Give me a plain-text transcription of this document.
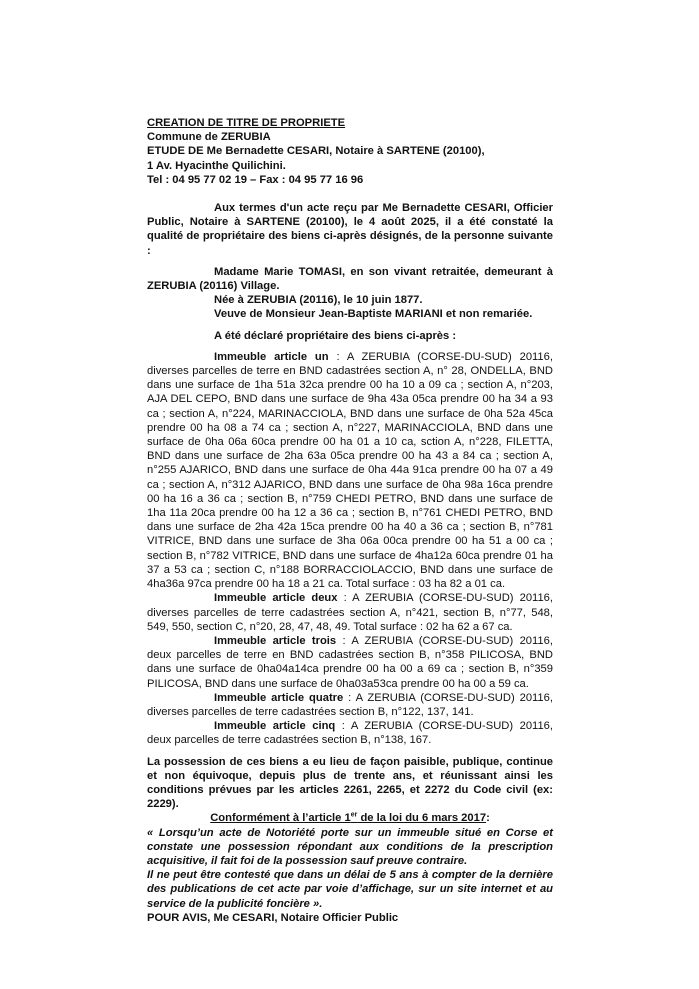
CREATION DE TITRE DE PROPRIETE

Commune de ZERUBIA

ETUDE DE Me Bernadette CESARI, Notaire à SARTENE (20100),

1 Av. Hyacinthe Quilichini.

Tel : 04 95 77 02 19 – Fax : 04 95 77 16 96

Aux termes d'un acte reçu par Me Bernadette CESARI, Officier Public, Notaire à SARTENE (20100), le 4 août 2025, il a été constaté la qualité de propriétaire des biens ci-après désignés, de la personne suivante :

Madame Marie TOMASI, en son vivant retraitée, demeurant à ZERUBIA (20116) Village.

Née à ZERUBIA (20116), le 10 juin 1877.

Veuve de Monsieur Jean-Baptiste MARIANI et non remariée.

A été déclaré propriétaire des biens ci-après :

Immeuble article un : A ZERUBIA (CORSE-DU-SUD) 20116, diverses parcelles de terre en BND cadastrées section A, n° 28, ONDELLA, BND dans une surface de 1ha 51a 32ca prendre 00 ha 10 a 09 ca ; section A, n°203, AJA DEL CEPO, BND dans une surface de 9ha 43a 05ca prendre 00 ha 34 a 93 ca ; section A, n°224, MARINACCIOLA, BND dans une surface de 0ha 52a 45ca prendre 00 ha 08 a 74 ca ; section A, n°227, MARINACCIOLA, BND dans une surface de 0ha 06a 60ca prendre 00 ha 01 a 10 ca, sction A, n°228, FILETTA, BND dans une surface de 2ha 63a 05ca prendre 00 ha 43 a 84 ca ; section A, n°255 AJARICO, BND dans une surface de 0ha 44a 91ca prendre 00 ha 07 a 49 ca ; section A, n°312 AJARICO, BND dans une surface de 0ha 98a 16ca prendre 00 ha 16 a 36 ca ; section B, n°759 CHEDI PETRO, BND dans une surface de 1ha 11a 20ca prendre 00 ha 12 a 36 ca ; section B, n°761 CHEDI PETRO, BND dans une surface de 2ha 42a 15ca prendre 00 ha 40 a 36 ca ; section B, n°781 VITRICE, BND dans une surface de 3ha 06a 00ca prendre 00 ha 51 a 00 ca ; section B, n°782 VITRICE, BND dans une surface de 4ha12a 60ca prendre 01 ha 37 a 53 ca ; section C, n°188 BORRACCIOLACCIO, BND dans une surface de 4ha36a 97ca prendre 00 ha 18 a 21 ca. Total surface : 03 ha 82 a 01 ca.

Immeuble article deux : A ZERUBIA (CORSE-DU-SUD) 20116, diverses parcelles de terre cadastrées section A, n°421, section B, n°77, 548, 549, 550, section C, n°20, 28, 47, 48, 49. Total surface : 02 ha 62 a 67 ca.

Immeuble article trois : A ZERUBIA (CORSE-DU-SUD) 20116, deux parcelles de terre en BND cadastrées section B, n°358 PILICOSA, BND dans une surface de 0ha04a14ca prendre 00 ha 00 a 69 ca ; section B, n°359 PILICOSA, BND dans une surface de 0ha03a53ca prendre 00 ha 00 a 59 ca.

Immeuble article quatre : A ZERUBIA (CORSE-DU-SUD) 20116, diverses parcelles de terre cadastrées section B, n°122, 137, 141.

Immeuble article cinq : A ZERUBIA (CORSE-DU-SUD) 20116, deux parcelles de terre cadastrées section B, n°138, 167.

La possession de ces biens a eu lieu de façon paisible, publique, continue et non équivoque, depuis plus de trente ans, et réunissant ainsi les conditions prévues par les articles 2261, 2265, et 2272 du Code civil (ex: 2229).

Conformément à l’article 1er de la loi du 6 mars 2017:

« Lorsqu’un acte de Notoriété porte sur un immeuble situé en Corse et constate une possession répondant aux conditions de la prescription acquisitive, il fait foi de la possession sauf preuve contraire.

Il ne peut être contesté que dans un délai de 5 ans à compter de la dernière des publications de cet acte par voie d’affichage, sur un site internet et au service de la publicité foncière ».

POUR AVIS, Me CESARI, Notaire Officier Public
